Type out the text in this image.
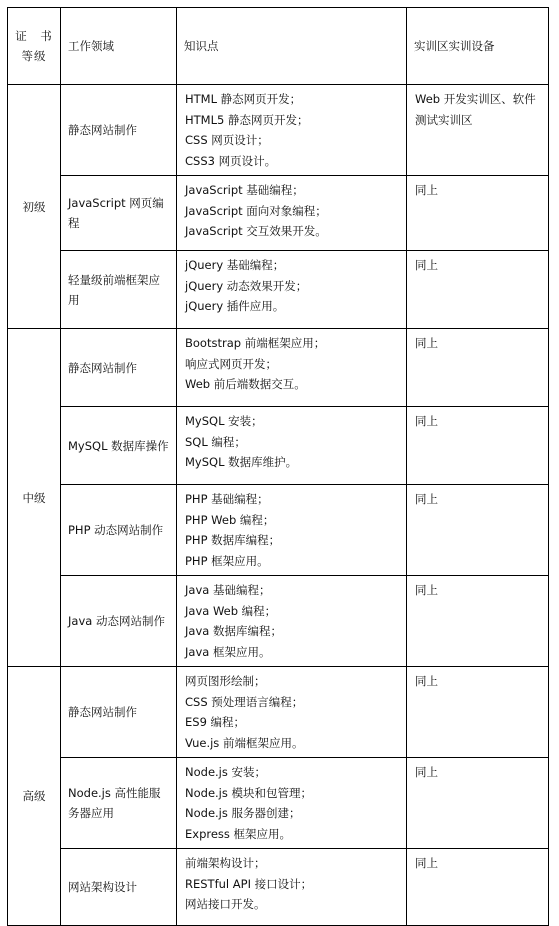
证　书等级	工作领域	知识点	实训区实训设备

初级	静态网站制作	HTML 静态网页开发；
HTML5 静态网页开发；
CSS 网页设计；
CSS3 网页设计。	Web 开发实训区、软件测试实训区

	JavaScript 网页编程	JavaScript 基础编程；
JavaScript 面向对象编程；
JavaScript 交互效果开发。	同上

	轻量级前端框架应用	jQuery 基础编程；
jQuery 动态效果开发；
jQuery 插件应用。	同上

中级	静态网站制作	Bootstrap 前端框架应用；
响应式网页开发；
Web 前后端数据交互。	同上

	MySQL 数据库操作	MySQL 安装；
SQL 编程；
MySQL 数据库维护。	同上

	PHP 动态网站制作	PHP 基础编程；
PHP Web 编程；
PHP 数据库编程；
PHP 框架应用。	同上

	Java 动态网站制作	Java 基础编程；
Java Web 编程；
Java 数据库编程；
Java 框架应用。	同上

高级	静态网站制作	网页图形绘制；
CSS 预处理语言编程；
ES9 编程；
Vue.js 前端框架应用。	同上

	Node.js 高性能服务器应用	Node.js 安装；
Node.js 模块和包管理；
Node.js 服务器创建；
Express 框架应用。	同上

	网站架构设计	前端架构设计；
RESTful API 接口设计；
网站接口开发。	同上
